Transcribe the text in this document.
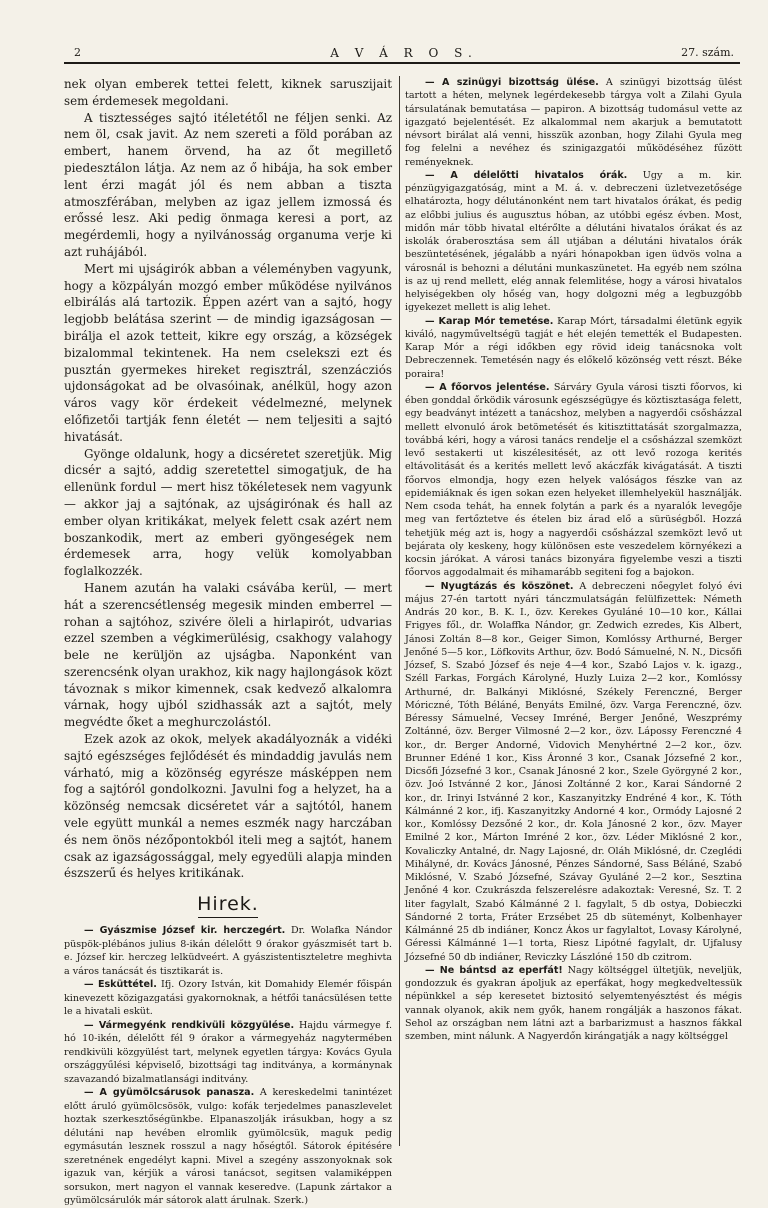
2	A V Á R O S.	27. szám.

nek olyan emberek tettei felett, kiknek saruszijait sem érdemesek megoldani.

A tisztességes sajtó itéletétől ne féljen senki. Az nem öl, csak javit. Az nem szereti a föld porában az embert, hanem örvend, ha az őt megillető piedesztálon látja. Az nem az ő hibája, ha sok ember lent érzi magát jól és nem abban a tiszta atmoszférában, melyben az igaz jellem izmossá és erőssé lesz. Aki pedig önmaga keresi a port, az megérdemli, hogy a nyilvánosság organuma verje ki azt ruhájából.

Mert mi ujságirók abban a véleményben vagyunk, hogy a közpályán mozgó ember működése nyilvános elbirálás alá tartozik. Éppen azért van a sajtó, hogy legjobb belátása szerint — de mindig igazságosan — birálja el azok tetteit, kikre egy ország, a községek bizalommal tekintenek. Ha nem cselekszi ezt és pusztán gyermekes hireket regisztrál, szenzácziós ujdonságokat ad be olvasóinak, anélkül, hogy azon város vagy kör érdekeit védelmezné, melynek előfizetői tartják fenn életét — nem teljesiti a sajtó hivatását.

Gyönge oldalunk, hogy a dicséretet szeretjük. Mig dicsér a sajtó, addig szeretettel simogatjuk, de ha ellenünk fordul — mert hisz tökéletesek nem vagyunk — akkor jaj a sajtónak, az ujságirónak és hall az ember olyan kritikákat, melyek felett csak azért nem boszankodik, mert az emberi gyöngeségek nem érdemesek arra, hogy velük komolyabban foglalkozzék.

Hanem azután ha valaki csávába kerül, — mert hát a szerencsétlenség megesik minden emberrel — rohan a sajtóhoz, szivére öleli a hirlapirót, udvarias ezzel szemben a végkimerülésig, csakhogy valahogy bele ne kerüljön az ujságba. Naponként van szerencsénk olyan urakhoz, kik nagy hajlongások közt távoznak s mikor kimennek, csak kedvező alkalomra várnak, hogy ujból szidhassák azt a sajtót, mely megvédte őket a meghurczolástól.

Ezek azok az okok, melyek akadályoznák a vidéki sajtó egészséges fejlődését és mindaddig javulás nem várható, mig a közönség egyrésze másképpen nem fog a sajtóról gondolkozni. Javulni fog a helyzet, ha a közönség nemcsak dicséretet vár a sajtótól, hanem vele együtt munkál a nemes eszmék nagy harczában és nem önös nézőpontokból iteli meg a sajtót, hanem csak az igazságossággal, mely egyedüli alapja minden észszerű és helyes kritikának.

Hirek.

— Gyászmise József kir. herczegért. Dr. Wolafka Nándor püspök-plébános julius 8-ikán délelőtt 9 órakor gyászmisét tart b. e. József kir. herczeg lelküdveért. A gyászistentiszteletre meghivta a város tanácsát és tisztikarát is.

— Esküttétel. Ifj. Ozory István, kit Domahidy Elemér főispán kinevezett közigazgatási gyakornoknak, a hétfői tanácsülésen tette le a hivatali esküt.

— Vármegyénk rendkivüli közgyülése. Hajdu vármegye f. hó 10-ikén, délelőtt fél 9 órakor a vármegyeház nagytermében rendkivüli közgyülést tart, melynek egyetlen tárgya: Kovács Gyula országgyűlési képviselő, bizottsági tag inditványa, a kormánynak szavazandó bizalmatlansági inditvány.

— A gyümölcsárusok panasza. A kereskedelmi tanintézet előtt áruló gyümölcsösök, vulgo: kofák terjedelmes panaszlevelet hoztak szerkesztőségünkbe. Elpanaszolják irásukban, hogy a sz délutáni nap hevében elromlik gyümölcsük, maguk pedig egymásután lesznek rosszul a nagy hőségtől. Sátorok épitésére szeretnének engedélyt kapni. Mivel a szegény asszonyoknak sok igazuk van, kérjük a városi tanácsot, segitsen valamiképpen sorsukon, mert nagyon el vannak keseredve. (Lapunk zártakor a gyümölcsárulók már sátorok alatt árulnak. Szerk.)

— A szinügyi bizottság ülése. A szinügyi bizottság ülést tartott a héten, melynek legérdekesebb tárgya volt a Zilahi Gyula társulatának bemutatása — papiron. A bizottság tudomásul vette az igazgató bejelentését. Ez alkalommal nem akarjuk a bemutatott névsort birálat alá venni, hisszük azonban, hogy Zilahi Gyula meg fog felelni a nevéhez és szinigazgatói működéséhez fűzött reményeknek.

— A délelőtti hivatalos órák. Ugy a m. kir. pénzügyigazgatóság, mint a M. á. v. debreczeni üzletvezetősége elhatározta, hogy délutánonként nem tart hivatalos órákat, és pedig az előbbi julius és augusztus hóban, az utóbbi egész évben. Most, midőn már több hivatal eltérőlte a délutáni hivatalos órákat és az iskolák óraberosztása sem áll utjában a délutáni hivatalos órák beszüntetésének, jégalább a nyári hónapokban igen üdvös volna a városnál is behozni a délutáni munkaszünetet. Ha egyéb nem szólna is az uj rend mellett, elég annak felemlitése, hogy a városi hivatalos helyiségekben oly hőség van, hogy dolgozni még a legbuzgóbb igyekezet mellett is alig lehet.

— Karap Mór temetése. Karap Mórt, társadalmi életünk egyik kiváló, nagyműveltségü tagját e hét elején temették el Budapesten. Karap Mór a régi időkben egy rövid ideig tanácsnoka volt Debreczennek. Temetésén nagy és előkelő közönség vett részt. Béke poraira!

— A főorvos jelentése. Sárváry Gyula városi tiszti főorvos, ki ében gonddal őrködik városunk egészségügye és köztisztasága felett, egy beadványt intézett a tanácshoz, melyben a nagyerdői csősházzal mellett elvonuló árok betömetését és kitisztittatását szorgalmazza, továbbá kéri, hogy a városi tanács rendelje el a csősházzal szemközt levő sestakerti ut kiszélesitését, az ott levő rozoga kerités eltávolitását és a kerités mellett levő akáczfák kivágatását. A tiszti főorvos elmondja, hogy ezen helyek valóságos fészke van az epidemiáknak és igen sokan ezen helyeket illemhelyekül használják. Nem csoda tehát, ha ennek folytán a park és a nyaralók levegője meg van fertőztetve és ételen biz árad elő a sürüségből. Hozzá tehetjük még azt is, hogy a nagyerdői csősházzal szemközt levő ut bejárata oly keskeny, hogy különösen este veszedelem környékezi a kocsin járókat. A városi tanács bizonyára figyelembe veszi a tiszti főorvos aggodalmait és mihamarább segiteni fog a bajokon.

— Nyugtázás és köszönet. A debreczeni nőegylet folyó évi május 27-én tartott nyári tánczmulatságán felülfizettek: Németh András 20 kor., B. K. I., özv. Kerekes Gyuláné 10—10 kor., Kállai Frigyes fől., dr. Wolaffka Nándor, gr. Zedwich ezredes, Kis Albert, Jánosi Zoltán 8—8 kor., Geiger Simon, Komlóssy Arthurné, Berger Jenőné 5—5 kor., Löfkovits Arthur, özv. Bodó Sámuelné, N. N., Dicsőfi József, S. Szabó József és neje 4—4 kor., Szabó Lajos v. k. igazg., Széll Farkas, Forgách Károlyné, Huzly Luiza 2—2 kor., Komlóssy Arthurné, dr. Balkányi Miklósné, Székely Ferenczné, Berger Móriczné, Tóth Béláné, Benyáts Emilné, özv. Varga Ferenczné, özv. Béressy Sámuelné, Vecsey Imréné, Berger Jenőné, Weszprémy Zoltánné, özv. Berger Vilmosné 2—2 kor., özv. Lápossy Ferenczné 4 kor., dr. Berger Andorné, Vidovich Menyhértné 2—2 kor., özv. Brunner Edéné 1 kor., Kiss Áronné 3 kor., Csanak Józsefné 2 kor., Dicsőfi Józsefné 3 kor., Csanak Jánosné 2 kor., Szele Györgyné 2 kor., özv. Joó Istvánné 2 kor., Jánosi Zoltánné 2 kor., Karai Sándorné 2 kor., dr. Irinyi Istvánné 2 kor., Kaszanyitzky Endréné 4 kor., K. Tóth Kálmánné 2 kor., ifj. Kaszanyitzky Andorné 4 kor., Ormódy Lajosné 2 kor., Komlóssy Dezsőné 2 kor., dr. Kola Jánosné 2 kor., özv. Mayer Emilné 2 kor., Márton Imréné 2 kor., özv. Léder Miklósné 2 kor., Kovaliczky Antalné, dr. Nagy Lajosné, dr. Oláh Miklósné, dr. Czeglédi Mihályné, dr. Kovács Jánosné, Pénzes Sándorné, Sass Béláné, Szabó Miklósné, V. Szabó Józsefné, Szávay Gyuláné 2—2 kor., Sesztina Jenőné 4 kor. Czukrászda felszerelésre adakoztak: Veresné, Sz. T. 2 liter fagylalt, Szabó Kálmánné 2 l. fagylalt, 5 db ostya, Dobieczki Sándorné 2 torta, Fráter Erzsébet 25 db süteményt, Kolbenhayer Kálmánné 25 db indiáner, Koncz Ákos ur fagylaltot, Lovasy Károlyné, Géressi Kálmánné 1—1 torta, Riesz Lipótné fagylalt, dr. Ujfalusy Józsefné 50 db indiáner, Reviczky Lászlóné 150 db czitrom.

— Ne bántsd az eperfát! Nagy költséggel ültetjük, neveljük, gondozzuk és gyakran ápoljuk az eperfákat, hogy megkedveltessük népünkkel a sép keresetet biztositó selyemtenyésztést és mégis vannak olyanok, akik nem győk, hanem rongálják a haszonos fákat. Sehol az országban nem látni azt a barbarizmust a hasznos fákkal szemben, mint nálunk. A Nagyerdőn kirángatják a nagy költséggel
